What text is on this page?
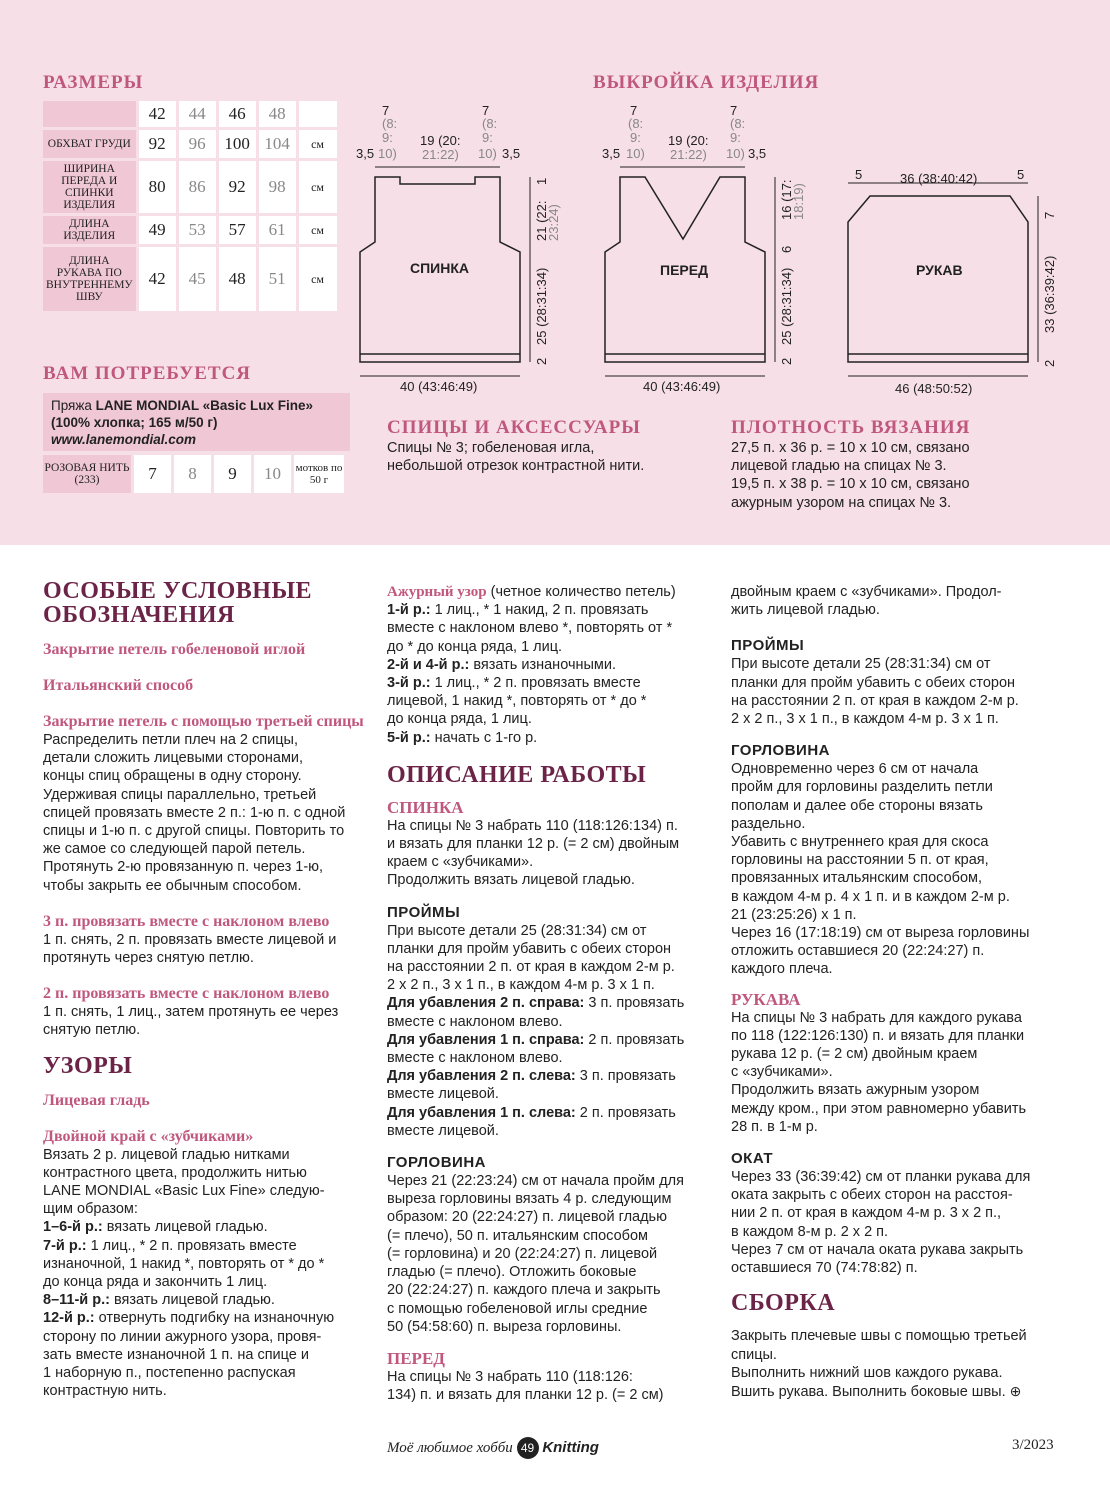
РАЗМЕРЫ
	42	44	46	48	
ОБХВАТ ГРУДИ	92	96	100	104	см
ШИРИНА ПЕРЕДА И СПИНКИ ИЗДЕЛИЯ	80	86	92	98	см
ДЛИНА ИЗДЕЛИЯ	49	53	57	61	см
ДЛИНА РУКАВА ПО ВНУТРЕННЕМУ ШВУ	42	45	48	51	см
ВАМ ПОТРЕБУЕТСЯ
Пряжа LANE MONDIAL «Basic Lux Fine»
(100% хлопка; 165 м/50 г)
www.lanemondial.com
РОЗОВАЯ НИТЬ (233)	7	8	9	10	мотков по 50 г
ВЫКРОЙКА ИЗДЕЛИЯ
СПИНКА
3,5
7
(8:
9:
10)
19 (20:
21:22)
7
(8:
9:
10) 3,5
40 (43:46:49)
1
21 (22:
23:24)
25 (28:31:34)
2
ПЕРЕД
3,5
7
(8:
9:
10)
19 (20:
21:22)
7
(8:
9:
10) 3,5
40 (43:46:49)
16 (17:
18:19)
6
25 (28:31:34)
2
РУКАВ
5	36 (38:40:42)	5
46 (48:50:52)
7
33 (36:39:42)
2
СПИЦЫ И АКСЕССУАРЫ
Спицы № 3; гобеленовая игла,
небольшой отрезок контрастной нити.
ПЛОТНОСТЬ ВЯЗАНИЯ
27,5 п. х 36 р. = 10 х 10 см, связано
лицевой гладью на спицах № 3.
19,5 п. х 38 р. = 10 х 10 см, связано
ажурным узором на спицах № 3.
ОСОБЫЕ УСЛОВНЫЕ
ОБОЗНАЧЕНИЯ
Закрытие петель гобеленовой иглой
Итальянский способ
Закрытие петель с помощью третьей спицы
Распределить петли плеч на 2 спицы,
детали сложить лицевыми сторонами,
концы спиц обращены в одну сторону.
Удерживая спицы параллельно, третьей
спицей провязать вместе 2 п.: 1-ю п. с одной
спицы и 1-ю п. с другой спицы. Повторить то
же самое со следующей парой петель.
Протянуть 2-ю провязанную п. через 1-ю,
чтобы закрыть ее обычным способом.
3 п. провязать вместе с наклоном влево
1 п. снять, 2 п. провязать вместе лицевой и
протянуть через снятую петлю.
2 п. провязать вместе с наклоном влево
1 п. снять, 1 лиц., затем протянуть ее через
снятую петлю.
УЗОРЫ
Лицевая гладь
Двойной край с «зубчиками»
Вязать 2 р. лицевой гладью нитками
контрастного цвета, продолжить нитью
LANE MONDIAL «Basic Lux Fine» следую-
щим образом:
1–6-й р.: вязать лицевой гладью.
7-й р.: 1 лиц., * 2 п. провязать вместе
изнаночной, 1 накид *, повторять от * до *
до конца ряда и закончить 1 лиц.
8–11-й р.: вязать лицевой гладью.
12-й р.: отвернуть подгибку на изнаночную
сторону по линии ажурного узора, провя-
зать вместе изнаночной 1 п. на спице и
1 наборную п., постепенно распуская
контрастную нить.
Ажурный узор (четное количество петель)
1-й р.: 1 лиц., * 1 накид, 2 п. провязать
вместе с наклоном влево *, повторять от *
до * до конца ряда, 1 лиц.
2-й и 4-й р.: вязать изнаночными.
3-й р.: 1 лиц., * 2 п. провязать вместе
лицевой, 1 накид *, повторять от * до *
до конца ряда, 1 лиц.
5-й р.: начать с 1-го р.
ОПИСАНИЕ РАБОТЫ
СПИНКА
На спицы № 3 набрать 110 (118:126:134) п.
и вязать для планки 12 р. (= 2 см) двойным
краем с «зубчиками».
Продолжить вязать лицевой гладью.
ПРОЙМЫ
При высоте детали 25 (28:31:34) см от
планки для пройм убавить с обеих сторон
на расстоянии 2 п. от края в каждом 2-м р.
2 х 2 п., 3 х 1 п., в каждом 4-м р. 3 х 1 п.
Для убавления 2 п. справа: 3 п. провязать
вместе с наклоном влево.
Для убавления 1 п. справа: 2 п. провязать
вместе с наклоном влево.
Для убавления 2 п. слева: 3 п. провязать
вместе лицевой.
Для убавления 1 п. слева: 2 п. провязать
вместе лицевой.
ГОРЛОВИНА
Через 21 (22:23:24) см от начала пройм для
выреза горловины вязать 4 р. следующим
образом: 20 (22:24:27) п. лицевой гладью
(= плечо), 50 п. итальянским способом
(= горловина) и 20 (22:24:27) п. лицевой
гладью (= плечо). Отложить боковые
20 (22:24:27) п. каждого плеча и закрыть
с помощью гобеленовой иглы средние
50 (54:58:60) п. выреза горловины.
ПЕРЕД
На спицы № 3 набрать 110 (118:126:
134) п. и вязать для планки 12 р. (= 2 см)
двойным краем с «зубчиками». Продол-
жить лицевой гладью.
ПРОЙМЫ
При высоте детали 25 (28:31:34) см от
планки для пройм убавить с обеих сторон
на расстоянии 2 п. от края в каждом 2-м р.
2 х 2 п., 3 х 1 п., в каждом 4-м р. 3 х 1 п.
ГОРЛОВИНА
Одновременно через 6 см от начала
пройм для горловины разделить петли
пополам и далее обе стороны вязать
раздельно.
Убавить с внутреннего края для скоса
горловины на расстоянии 5 п. от края,
провязанных итальянским способом,
в каждом 4-м р. 4 х 1 п. и в каждом 2-м р.
21 (23:25:26) х 1 п.
Через 16 (17:18:19) см от выреза горловины
отложить оставшиеся 20 (22:24:27) п.
каждого плеча.
РУКАВА
На спицы № 3 набрать для каждого рукава
по 118 (122:126:130) п. и вязать для планки
рукава 12 р. (= 2 см) двойным краем
с «зубчиками».
Продолжить вязать ажурным узором
между кром., при этом равномерно убавить
28 п. в 1-м р.
ОКАТ
Через 33 (36:39:42) см от планки рукава для
оката закрыть с обеих сторон на расстоя-
нии 2 п. от края в каждом 4-м р. 3 х 2 п.,
в каждом 8-м р. 2 х 2 п.
Через 7 см от начала оката рукава закрыть
оставшиеся 70 (74:78:82) п.
СБОРКА
Закрыть плечевые швы с помощью третьей
спицы.
Выполнить нижний шов каждого рукава.
Вшить рукава. Выполнить боковые швы. ⊕
Моё любимое хобби 49 Knitting	3/2023
